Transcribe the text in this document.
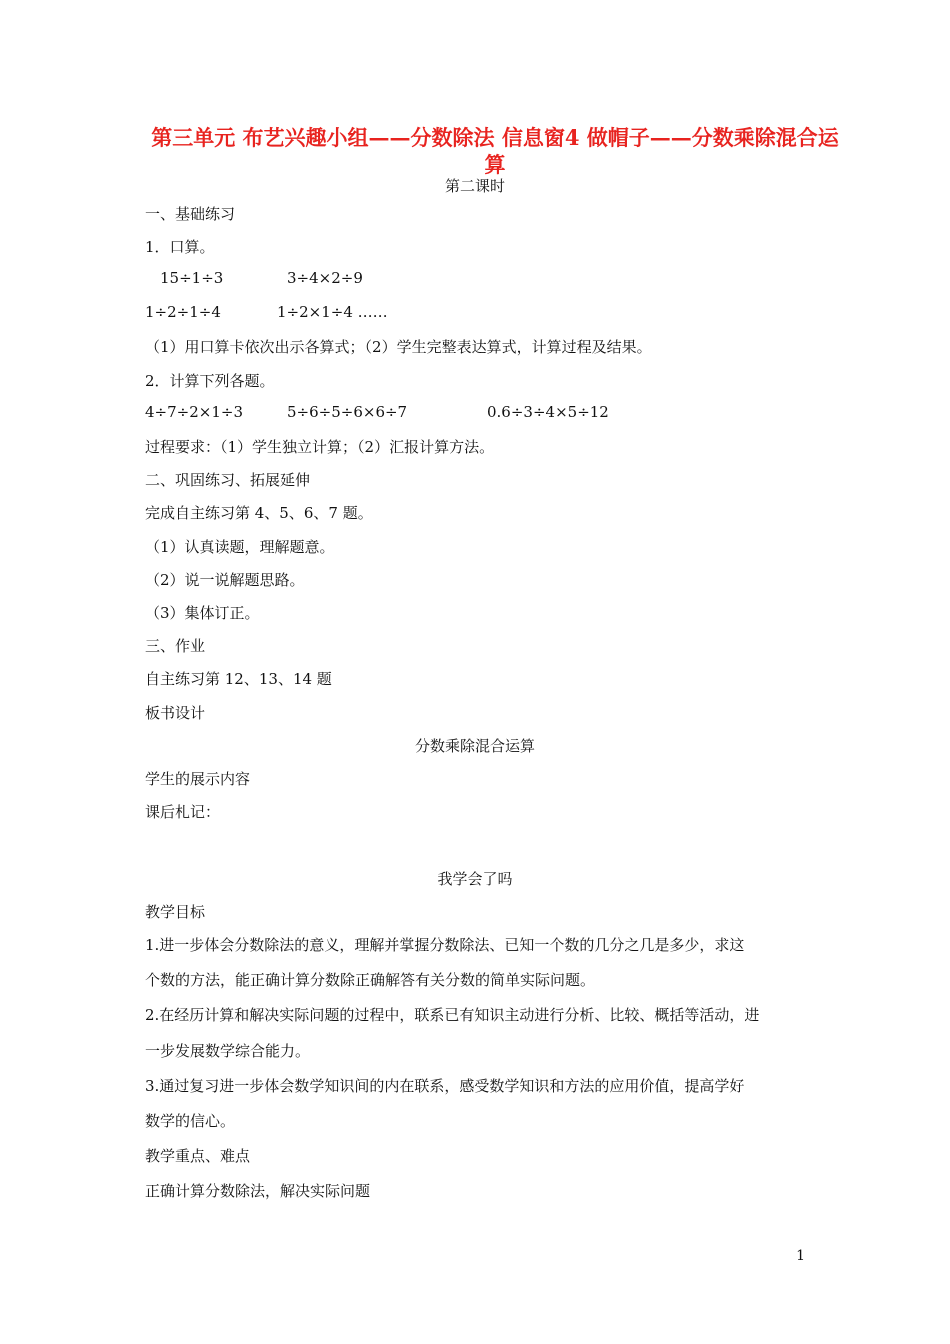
第三单元 布艺兴趣小组——分数除法 信息窗4 做帽子——分数乘除混合运算
第二课时
一、基础练习
1．口算。
15÷1÷3	3÷4×2÷9
1÷2÷1÷4	1÷2×1÷4 ……
（1）用口算卡依次出示各算式；（2）学生完整表达算式，计算过程及结果。
2．计算下列各题。
4÷7÷2×1÷3	5÷6÷5÷6×6÷7	0.6÷3÷4×5÷12
过程要求：（1）学生独立计算；（2）汇报计算方法。
二、巩固练习、拓展延伸
完成自主练习第 4、5、6、7 题。
（1）认真读题，理解题意。
（2）说一说解题思路。
（3）集体订正。
三、作业
自主练习第 12、13、14 题
板书设计
分数乘除混合运算
学生的展示内容
课后札记：
我学会了吗
教学目标
1.进一步体会分数除法的意义，理解并掌握分数除法、已知一个数的几分之几是多少，求这
个数的方法，能正确计算分数除正确解答有关分数的简单实际问题。
2.在经历计算和解决实际问题的过程中，联系已有知识主动进行分析、比较、概括等活动，进
一步发展数学综合能力。
3.通过复习进一步体会数学知识间的内在联系，感受数学知识和方法的应用价值，提高学好
数学的信心。
教学重点、难点
正确计算分数除法，解决实际问题
1
